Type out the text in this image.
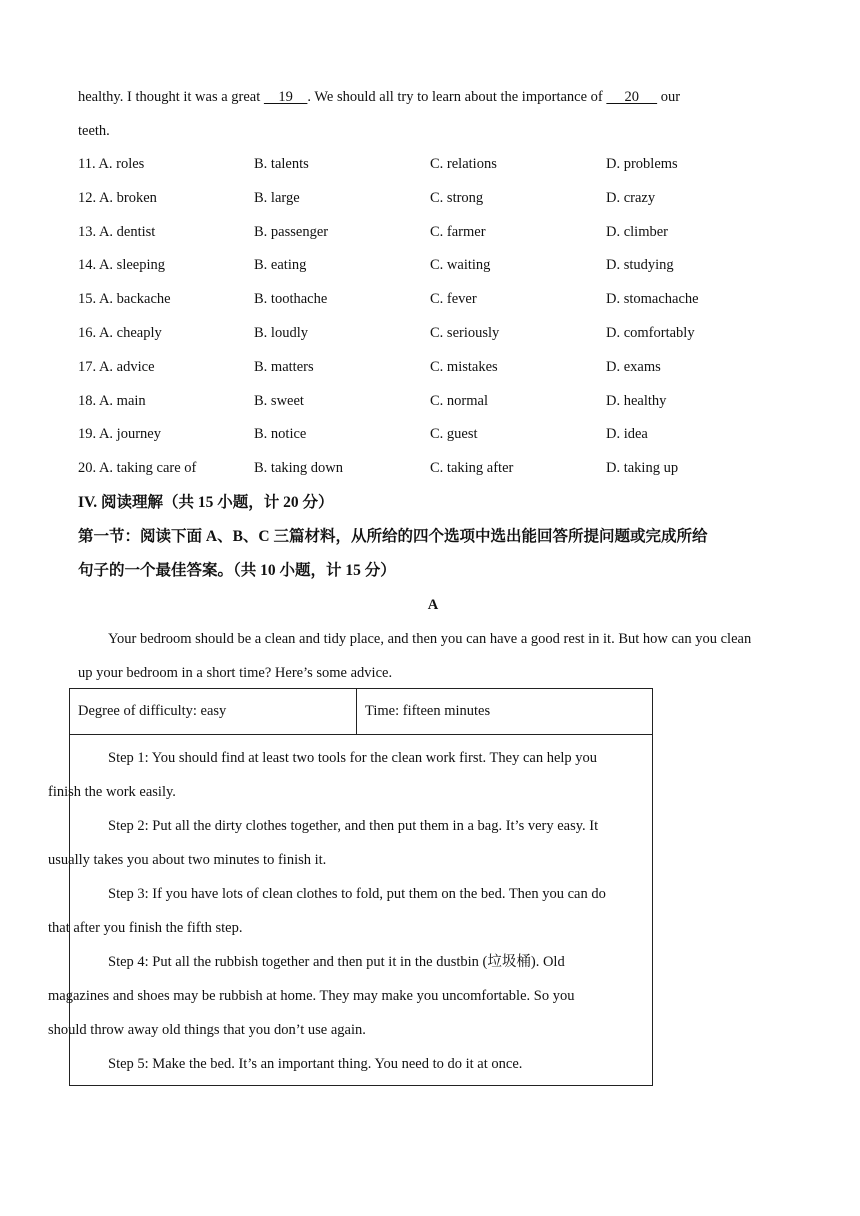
healthy. I thought it was a great     19    . We should all try to learn about the importance of      20      our
teeth.
11. A. roles	B. talents	C. relations	D. problems
12. A. broken	B. large	C. strong	D. crazy
13. A. dentist	B. passenger	C. farmer	D. climber
14. A. sleeping	B. eating	C. waiting	D. studying
15. A. backache	B. toothache	C. fever	D. stomachache
16. A. cheaply	B. loudly	C. seriously	D. comfortably
17. A. advice	B. matters	C. mistakes	D. exams
18. A. main	B. sweet	C. normal	D. healthy
19. A. journey	B. notice	C. guest	D. idea
20. A. taking care of	B. taking down	C. taking after	D. taking up
IV. 阅读理解（共 15 小题，计 20 分）
第一节：阅读下面 A、B、C 三篇材料，从所给的四个选项中选出能回答所提问题或完成所给
句子的一个最佳答案。（共 10 小题，计 15 分）
A

Your bedroom should be a clean and tidy place, and then you can have a good rest in it. But how can you clean

up your bedroom in a short time? Here’s some advice.
Degree of difficulty: easy	Time: fifteen minutes

Step 1: You should find at least two tools for the clean work first. They can help you
finish the work easily.

Step 2: Put all the dirty clothes together, and then put them in a bag. It’s very easy. It
usually takes you about two minutes to finish it.

Step 3: If you have lots of clean clothes to fold, put them on the bed. Then you can do
that after you finish the fifth step.

Step 4: Put all the rubbish together and then put it in the dustbin (垃圾桶). Old
magazines and shoes may be rubbish at home. They may make you uncomfortable. So you
should throw away old things that you don’t use again.

Step 5: Make the bed. It’s an important thing. You need to do it at once.
